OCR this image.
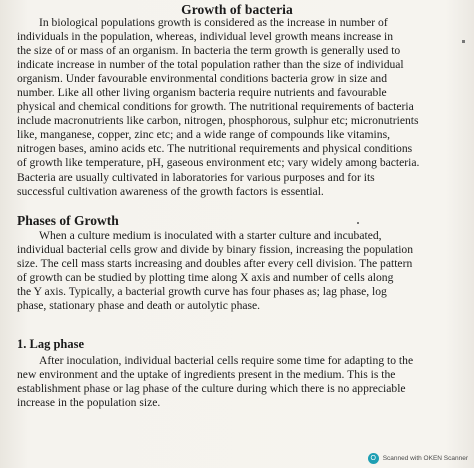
Growth of bacteria
In biological populations growth is considered as the increase in number of
individuals in the population, whereas, individual level growth means increase in
the size of or mass of an organism. In bacteria the term growth is generally used to
indicate increase in number of the total population rather than the size of individual
organism. Under favourable environmental conditions bacteria grow in size and
number. Like all other living organism bacteria require nutrients and favourable
physical and chemical conditions for growth. The nutritional requirements of bacteria
include macronutrients like carbon, nitrogen, phosphorous, sulphur etc; micronutrients
like, manganese, copper, zinc etc; and a wide range of compounds like vitamins,
nitrogen bases, amino acids etc. The nutritional requirements and physical conditions
of growth like temperature, pH, gaseous environment etc; vary widely among bacteria.
Bacteria are usually cultivated in laboratories for various purposes and for its
successful cultivation awareness of the growth factors is essential.
Phases of Growth
When a culture medium is inoculated with a starter culture and incubated,
individual bacterial cells grow and divide by binary fission, increasing the population
size. The cell mass starts increasing and doubles after every cell division. The pattern
of growth can be studied by plotting time along X axis and number of cells along
the Y axis. Typically, a bacterial growth curve has four phases as; lag phase, log
phase, stationary phase and death or autolytic phase.
1. Lag phase
After inoculation, individual bacterial cells require some time for adapting to the
new environment and the uptake of ingredients present in the medium. This is the
establishment phase or lag phase of the culture during which there is no appreciable
increase in the population size.
O	Scanned with OKEN Scanner
